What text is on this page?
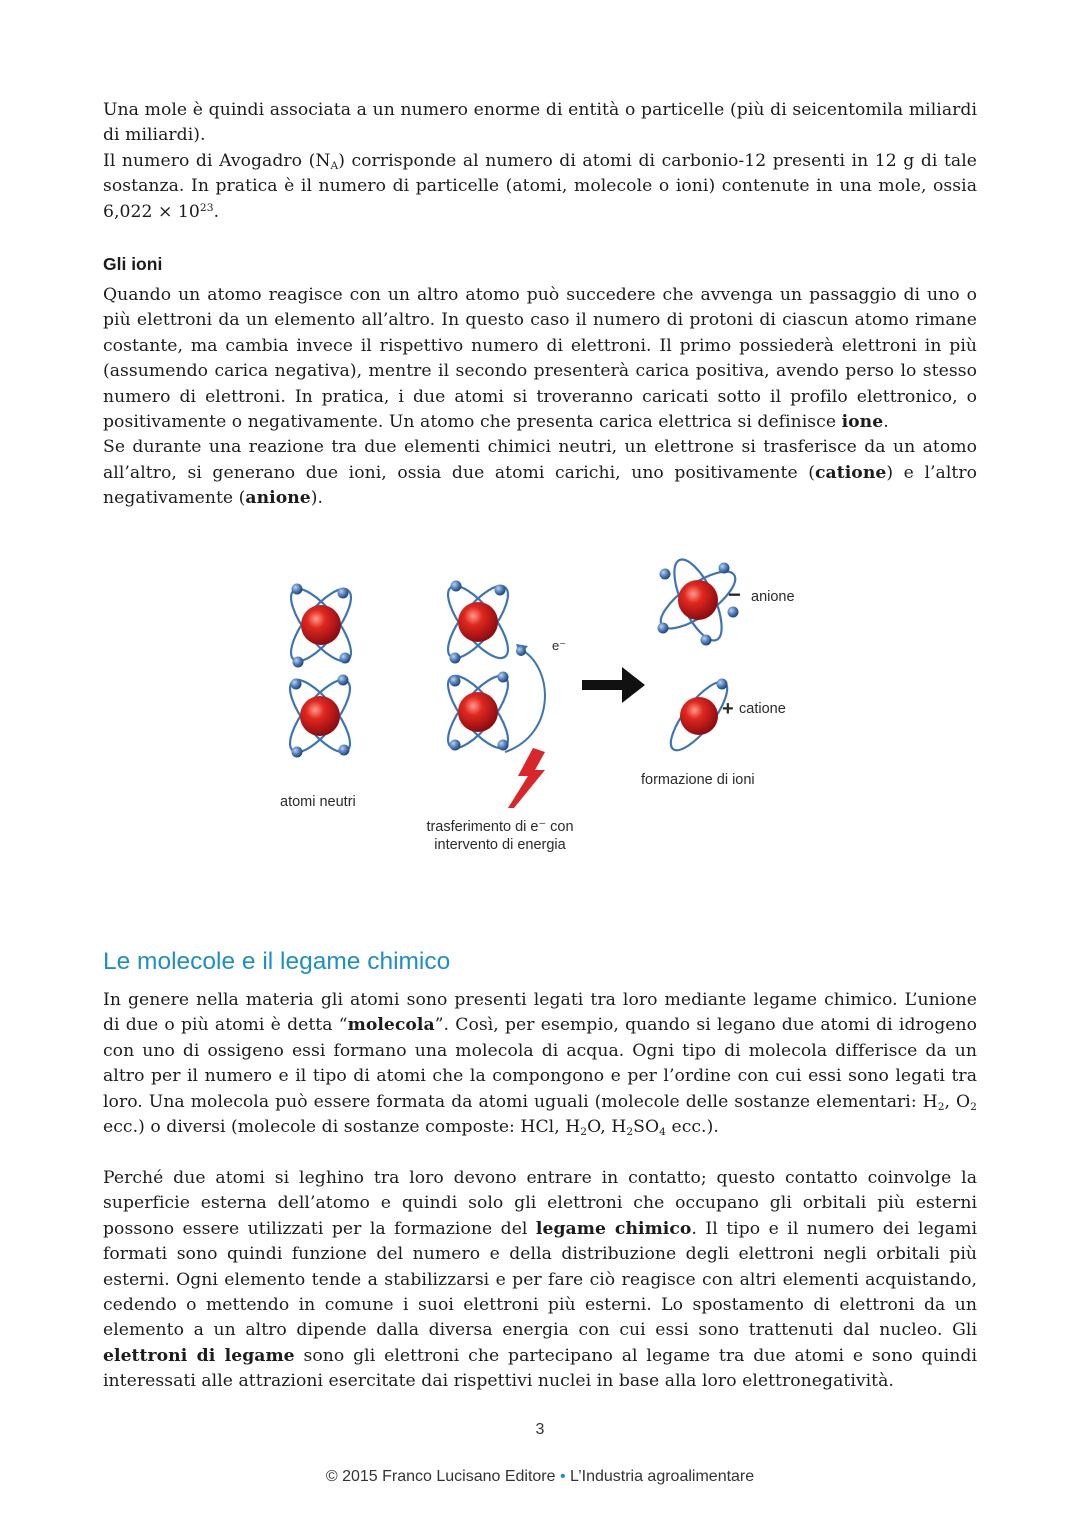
Una mole è quindi associata a un numero enorme di entità o particelle (più di seicentomila miliardi di miliardi).

Il numero di Avogadro $(N_A)$ corrisponde al numero di atomi di carbonio-12 presenti in 12 g di tale sostanza. In pratica è il numero di particelle (atomi, molecole o ioni) contenute in una mole, ossia $6,022 \times 10^{23}$.

Gli ioni

Quando un atomo reagisce con un altro atomo può succedere che avvenga un passaggio di uno o più elettroni da un elemento all’altro. In questo caso il numero di protoni di ciascun atomo rimane costante, ma cambia invece il rispettivo numero di elettroni. Il primo possiederà elettroni in più (assumendo carica negativa), mentre il secondo presenterà carica positiva, avendo perso lo stesso numero di elettroni. In pratica, i due atomi si troveranno caricati sotto il profilo elettronico, o positivamente o negativamente. Un atomo che presenta carica elettrica si definisce ione.

Se durante una reazione tra due elementi chimici neutri, un elettrone si trasferisce da un atomo all’altro, si generano due ioni, ossia due atomi carichi, uno positivamente (catione) e l’altro negativamente (anione).

e⁻
− anione
+ catione
atomi neutri
trasferimento di e⁻ con
intervento di energia
formazione di ioni
Le molecole e il legame chimico

In genere nella materia gli atomi sono presenti legati tra loro mediante legame chimico. L’unione di due o più atomi è detta “molecola”. Così, per esempio, quando si legano due atomi di idrogeno con uno di ossigeno essi formano una molecola di acqua. Ogni tipo di molecola differisce da un altro per il numero e il tipo di atomi che la compongono e per l’ordine con cui essi sono legati tra loro. Una molecola può essere formata da atomi uguali (molecole delle sostanze elementari: $H_2$, $O_2$ ecc.) o diversi (molecole di sostanze composte: HCl, $H_2O$, $H_2SO_4$ ecc.).

Perché due atomi si leghino tra loro devono entrare in contatto; questo contatto coinvolge la superficie esterna dell’atomo e quindi solo gli elettroni che occupano gli orbitali più esterni possono essere utilizzati per la formazione del legame chimico. Il tipo e il numero dei legami formati sono quindi funzione del numero e della distribuzione degli elettroni negli orbitali più esterni. Ogni elemento tende a stabilizzarsi e per fare ciò reagisce con altri elementi acquistando, cedendo o mettendo in comune i suoi elettroni più esterni. Lo spostamento di elettroni da un elemento a un altro dipende dalla diversa energia con cui essi sono trattenuti dal nucleo. Gli elettroni di legame sono gli elettroni che partecipano al legame tra due atomi e sono quindi interessati alle attrazioni esercitate dai rispettivi nuclei in base alla loro elettronegatività.

3
© 2015 Franco Lucisano Editore • L’Industria agroalimentare
